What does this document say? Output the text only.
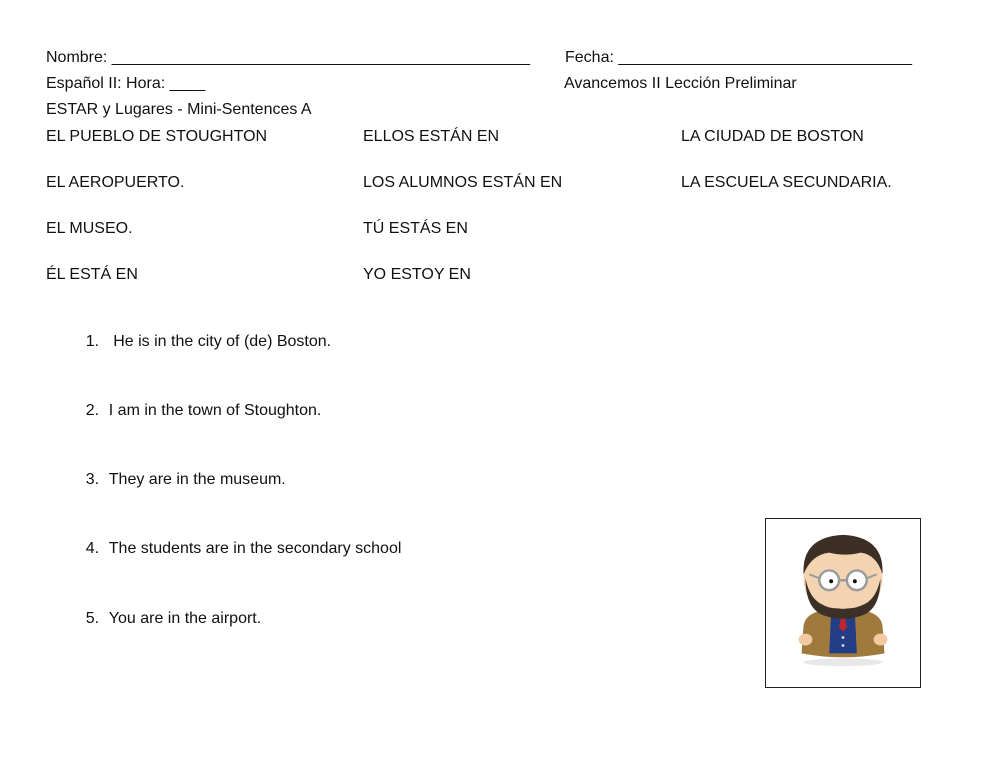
Nombre: _______________________________________________ Fecha: _________________________________
Español II: Hora: ____	Avancemos II Lección Preliminar
ESTAR y Lugares - Mini-Sentences A
EL PUEBLO DE STOUGHTON
EL AEROPUERTO.
EL MUSEO.
ÉL ESTÁ EN
ELLOS ESTÁN EN
LOS ALUMNOS ESTÁN EN
TÚ ESTÁS EN
YO ESTOY EN
LA CIUDAD DE BOSTON
LA ESCUELA SECUNDARIA.

1. He is in the city of (de) Boston.

2. I am in the town of Stoughton.

3. They are in the museum.

4. The students are in the secondary school

5. You are in the airport.
